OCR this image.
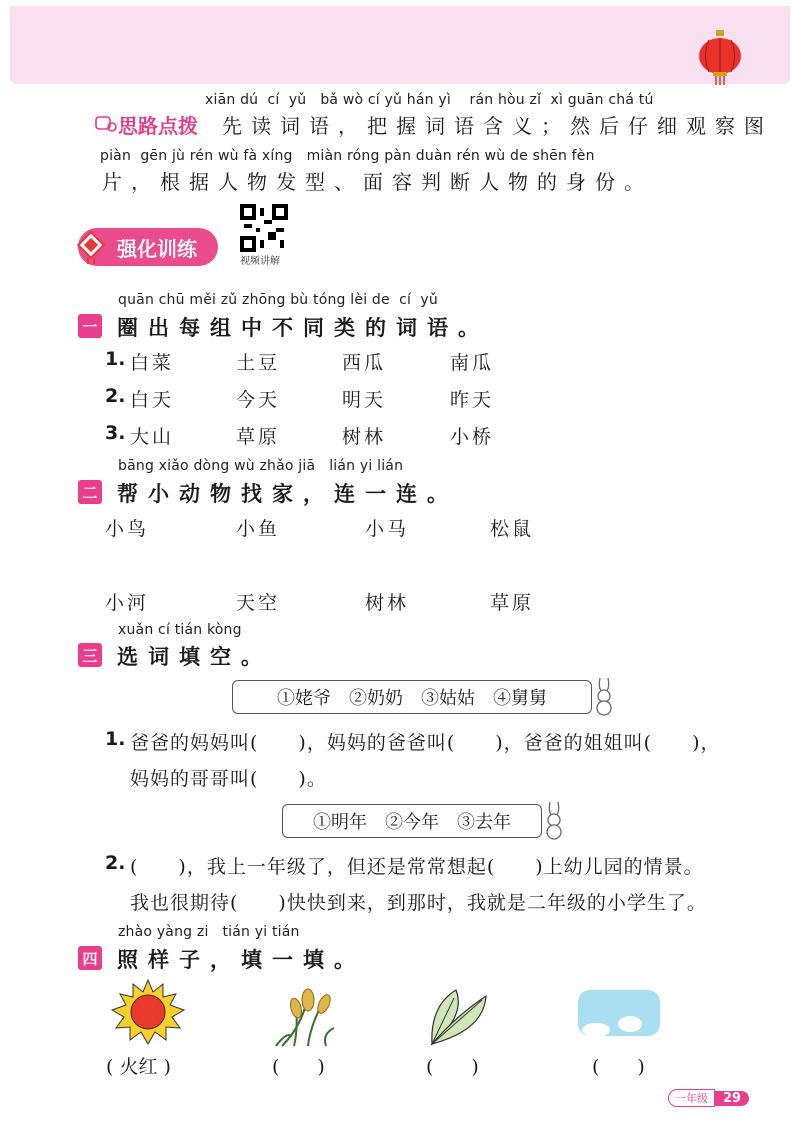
思路点拨
xiān dú  cí  yǔ   bǎ wò cí yǔ hán yì    rán hòu zǐ  xì guān chá tú
先读词语，把握词语含义；然后仔细观察图
piàn  gēn jù rén wù fà xíng   miàn róng pàn duàn rén wù de shēn fèn
片，根据人物发型、面容判断人物的身份。
强化训练
视频讲解
quān chū měi zǔ zhōng bù tóng lèi de  cí  yǔ
一 圈出每组中不同类的词语。
1. 白菜	土豆	西瓜	南瓜
2. 白天	今天	明天	昨天
3. 大山	草原	树林	小桥
bāng xiǎo dòng wù zhǎo jiā   lián yi lián
二 帮小动物找家，连一连。
小鸟	小鱼	小马	松鼠
小河	天空	树林	草原
xuǎn cí tián kòng
三 选词填空。
①姥爷 ②奶奶 ③姑姑 ④舅舅
1. 爸爸的妈妈叫(　　)，妈妈的爸爸叫(　　)，爸爸的姐姐叫(　　)，
妈妈的哥哥叫(　　)。
①明年 ②今年 ③去年
2. (　　)，我上一年级了，但还是常常想起(　　)上幼儿园的情景。
我也很期待(　　)快快到来，到那时，我就是二年级的小学生了。
zhào yàng zi   tián yi tián
四 照样子，填一填。
( 火红 )	(　　)	(　　)	(　　)
一年级	29
